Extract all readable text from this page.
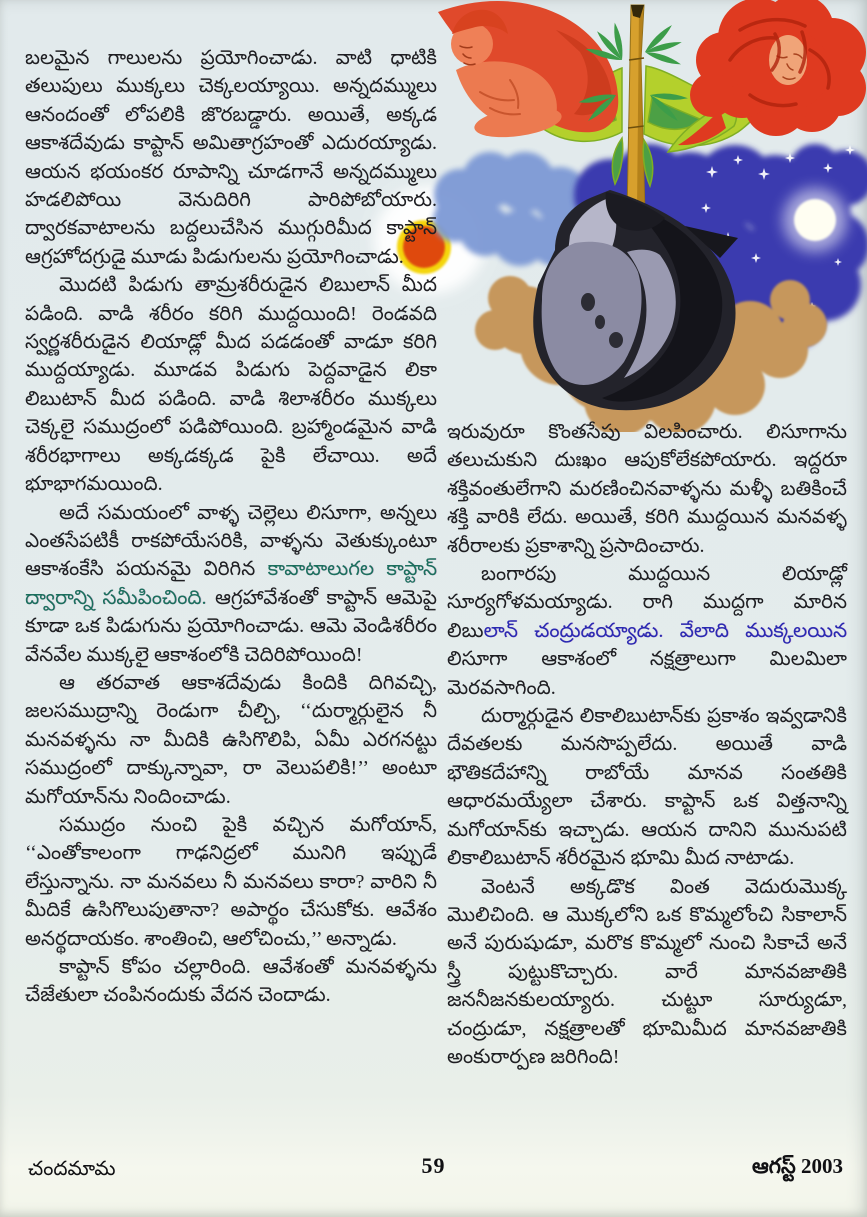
బలమైన గాలులను ప్రయోగించాడు. వాటి ధాటికి తలుపులు ముక్కలు చెక్కలయ్యాయి. అన్నదమ్ములు ఆనందంతో లోపలికి జొరబడ్డారు. అయితే, అక్కడ ఆకాశదేవుడు కాప్టాన్ అమితాగ్రహంతో ఎదురయ్యాడు. ఆయన భయంకర రూపాన్ని చూడగానే అన్నదమ్ములు హడలిపోయి వెనుదిరిగి పారిపోబోయారు. ద్వారకవాటాలను బద్దలుచేసిన ముగ్గురిమీద కాప్టాన్ ఆగ్రహోదగ్రుడై మూడు పిడుగులను ప్రయోగించాడు.

మొదటి పిడుగు తామ్రశరీరుడైన లిబులాన్ మీద పడింది. వాడి శరీరం కరిగి ముద్దయింది! రెండవది స్వర్ణశరీరుడైన లియాడ్లో మీద పడడంతో వాడూ కరిగి ముద్దయ్యాడు. మూడవ పిడుగు పెద్దవాడైన లికా లిబుటాన్ మీద పడింది. వాడి శిలాశరీరం ముక్కలు చెక్కలై సముద్రంలో పడిపోయింది. బ్రహ్మాండమైన వాడి శరీరభాగాలు అక్కడక్కడ పైకి లేచాయి. అదే భూభాగమయింది.

అదే సమయంలో వాళ్ళ చెల్లెలు లిసూగా, అన్నలు ఎంతసేపటికీ రాకపోయేసరికి, వాళ్ళను వెతుక్కుంటూ ఆకాశంకేసి పయనమై విరిగిన కావాటాలుగల కాప్టాన్ ద్వారాన్ని సమీపించింది. ఆగ్రహావేశంతో కాప్టాన్ ఆమెపై కూడా ఒక పిడుగును ప్రయోగించాడు. ఆమె వెండిశరీరం వేనవేల ముక్కలై ఆకాశంలోకి చెదిరిపోయింది!

ఆ తరవాత ఆకాశదేవుడు కిందికి దిగివచ్చి, జలసముద్రాన్ని రెండుగా చీల్చి, ‘‘దుర్మార్గులైన నీ మనవళ్ళను నా మీదికి ఉసిగొలిపి, ఏమీ ఎరగనట్టు సముద్రంలో దాక్కున్నావా, రా వెలుపలికి!’’ అంటూ మగోయాన్‌ను నిందించాడు.

సముద్రం నుంచి పైకి వచ్చిన మగోయాన్, ‘‘ఎంతోకాలంగా గాఢనిద్రలో మునిగి ఇప్పుడే లేస్తున్నాను. నా మనవలు నీ మనవలు కారా? వారిని నీ మీదికే ఉసిగొలుపుతానా? అపార్థం చేసుకోకు. ఆవేశం అనర్థదాయకం. శాంతించి, ఆలోచించు,’’ అన్నాడు.

కాప్టాన్ కోపం చల్లారింది. ఆవేశంతో మనవళ్ళను చేజేతులా చంపినందుకు వేదన చెందాడు.

ఇరువురూ కొంతసేపు విలపించారు. లిసూగాను తలుచుకుని దుఃఖం ఆపుకోలేకపోయారు. ఇద్దరూ శక్తివంతులేగాని మరణించినవాళ్ళను మళ్ళీ బతికించే శక్తి వారికి లేదు. అయితే, కరిగి ముద్దయిన మనవళ్ళ శరీరాలకు ప్రకాశాన్ని ప్రసాదించారు.

బంగారపు ముద్దయిన లియాడ్లో సూర్యగోళమయ్యాడు. రాగి ముద్దగా మారిన లిబులాన్ చంద్రుడయ్యాడు. వేలాది ముక్కలయిన లిసూగా ఆకాశంలో నక్షత్రాలుగా మిలమిలా మెరవసాగింది.

దుర్మార్గుడైన లికాలిబుటాన్‌కు ప్రకాశం ఇవ్వడానికి దేవతలకు మనసొప్పలేదు. అయితే వాడి భౌతికదేహాన్ని రాబోయే మానవ సంతతికి ఆధారమయ్యేలా చేశారు. కాప్టాన్ ఒక విత్తనాన్ని మగోయాన్‌కు ఇచ్చాడు. ఆయన దానిని మునుపటి లికాలిబుటాన్ శరీరమైన భూమి మీద నాటాడు.

వెంటనే అక్కడొక వింత వెదురుమొక్క మొలిచింది. ఆ మొక్కలోని ఒక కొమ్మలోంచి సికాలాన్ అనే పురుషుడూ, మరొక కొమ్మలో నుంచి సికాచే అనే స్త్రీ పుట్టుకొచ్చారు. వారే మానవజాతికి జననీజనకులయ్యారు. చుట్టూ సూర్యుడూ, చంద్రుడూ, నక్షత్రాలతో భూమిమీద మానవజాతికి అంకురార్పణ జరిగింది!

చందమామ	59	ఆగస్ట్ 2003
